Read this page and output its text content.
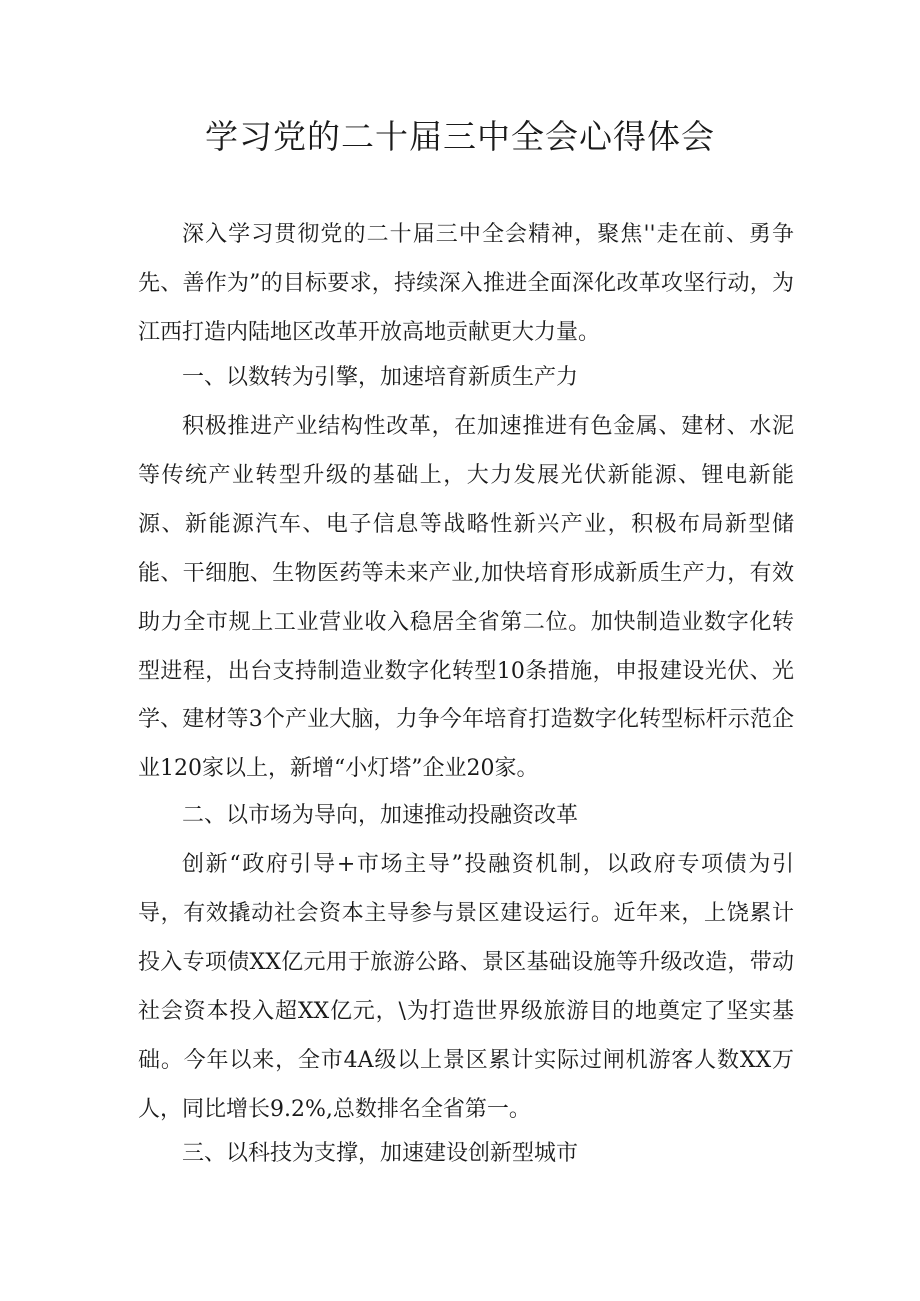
学习党的二十届三中全会心得体会

深入学习贯彻党的二十届三中全会精神，聚焦''走在前、勇争先、善作为”的目标要求，持续深入推进全面深化改革攻坚行动，为江西打造内陆地区改革开放高地贡献更大力量。

一、以数转为引擎，加速培育新质生产力

积极推进产业结构性改革，在加速推进有色金属、建材、水泥等传统产业转型升级的基础上，大力发展光伏新能源、锂电新能源、新能源汽车、电子信息等战略性新兴产业，积极布局新型储能、干细胞、生物医药等未来产业,加快培育形成新质生产力，有效助力全市规上工业营业收入稳居全省第二位。加快制造业数字化转型进程，出台支持制造业数字化转型10条措施，申报建设光伏、光学、建材等3个产业大脑，力争今年培育打造数字化转型标杆示范企业120家以上，新增“小灯塔”企业20家。

二、以市场为导向，加速推动投融资改革

创新“政府引导+市场主导”投融资机制，以政府专项债为引导，有效撬动社会资本主导参与景区建设运行。近年来，上饶累计投入专项债XX亿元用于旅游公路、景区基础设施等升级改造，带动社会资本投入超XX亿元，\为打造世界级旅游目的地奠定了坚实基础。今年以来，全市4A级以上景区累计实际过闸机游客人数XX万人，同比增长9.2%,总数排名全省第一。

三、以科技为支撑，加速建设创新型城市
